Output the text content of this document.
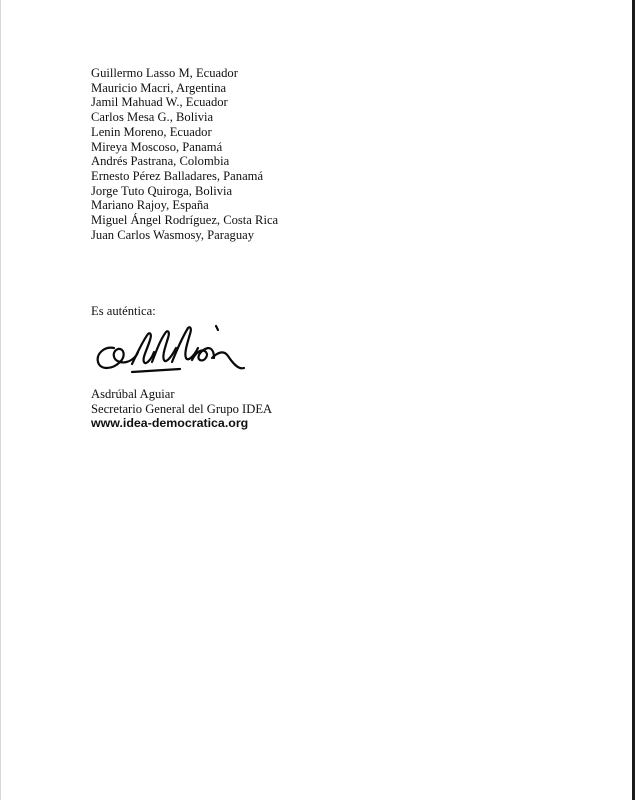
Guillermo Lasso M, Ecuador
Mauricio Macri, Argentina
Jamil Mahuad W., Ecuador
Carlos Mesa G., Bolivia
Lenin Moreno, Ecuador
Mireya Moscoso, Panamá
Andrés Pastrana, Colombia
Ernesto Pérez Balladares, Panamá
Jorge Tuto Quiroga, Bolivia
Mariano Rajoy, España
Miguel Ángel Rodríguez, Costa Rica
Juan Carlos Wasmosy, Paraguay
Es auténtica:
Asdrúbal Aguiar
Secretario General del Grupo IDEA
www.idea-democratica.org
